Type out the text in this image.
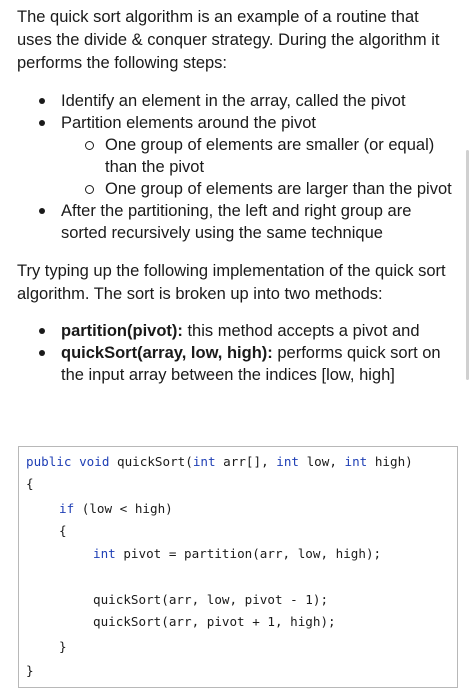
The quick sort algorithm is an example of a routine that uses the divide & conquer strategy. During the algorithm it performs the following steps:

Identify an element in the array, called the pivot
Partition elements around the pivot
One group of elements are smaller (or equal) than the pivot
One group of elements are larger than the pivot
After the partitioning, the left and right group are sorted recursively using the same technique

Try typing up the following implementation of the quick sort algorithm. The sort is broken up into two methods:

partition(pivot): this method accepts a pivot and
quickSort(array, low, high): performs quick sort on the input array between the indices [low, high]
public void quickSort(int arr[], int low, int high)
{
if (low < high)
{
int pivot = partition(arr, low, high);
quickSort(arr, low, pivot - 1);
quickSort(arr, pivot + 1, high);
}
}
